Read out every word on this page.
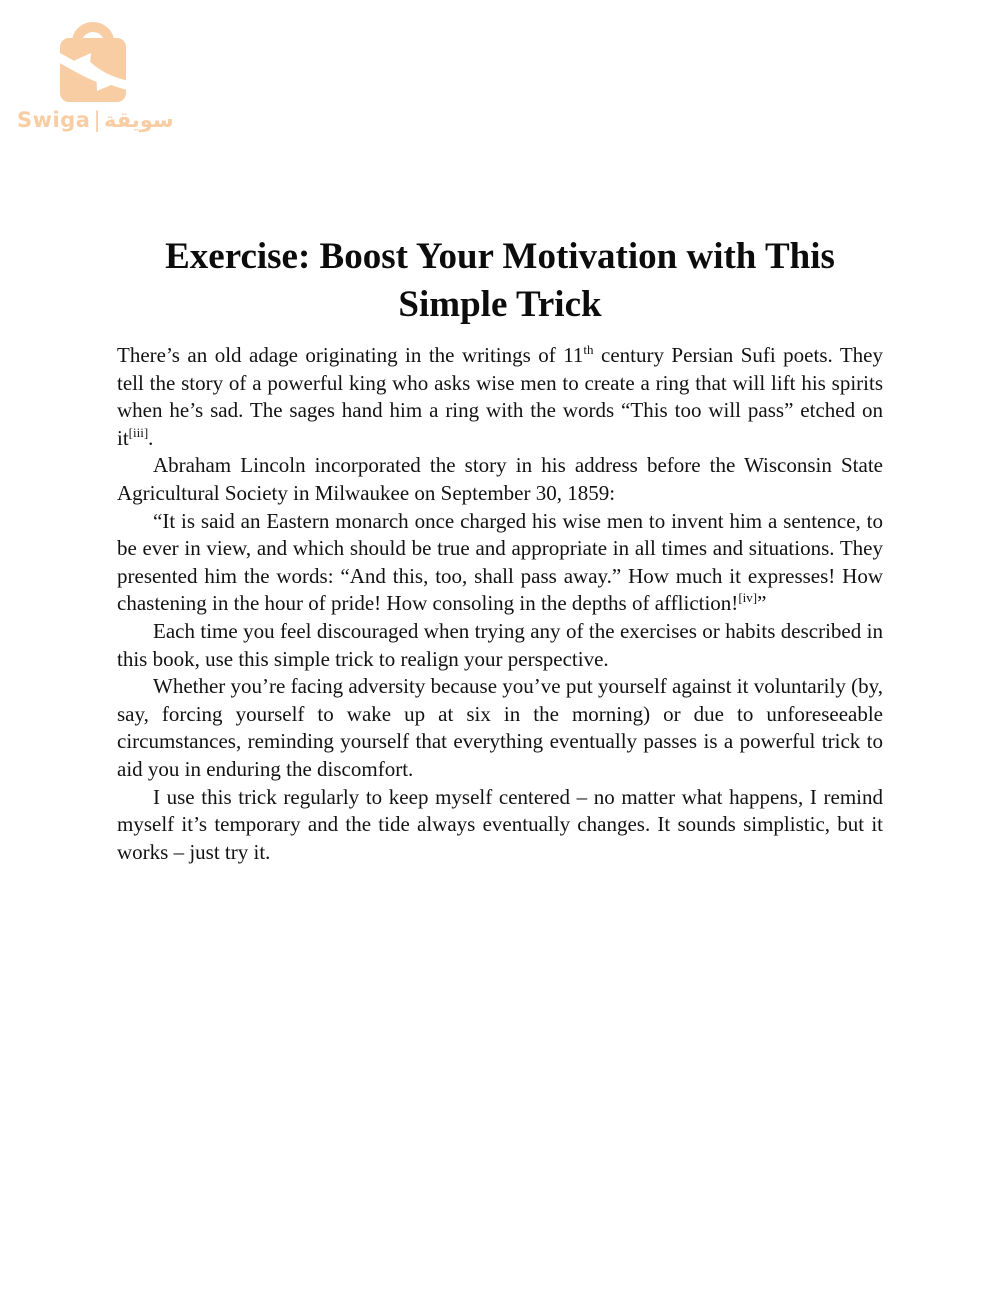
Swiga | سويقة
Exercise: Boost Your Motivation with This
Simple Trick

There’s an old adage originating in the writings of 11th century Persian Sufi poets. They tell the story of a powerful king who asks wise men to create a ring that will lift his spirits when he’s sad. The sages hand him a ring with the words “This too will pass” etched on it[iii].

Abraham Lincoln incorporated the story in his address before the Wisconsin State Agricultural Society in Milwaukee on September 30, 1859:

“It is said an Eastern monarch once charged his wise men to invent him a sentence, to be ever in view, and which should be true and appropriate in all times and situations. They presented him the words: “And this, too, shall pass away.” How much it expresses! How chastening in the hour of pride! How consoling in the depths of affliction![iv]”

Each time you feel discouraged when trying any of the exercises or habits described in this book, use this simple trick to realign your perspective.

Whether you’re facing adversity because you’ve put yourself against it voluntarily (by, say, forcing yourself to wake up at six in the morning) or due to unforeseeable circumstances, reminding yourself that everything eventually passes is a powerful trick to aid you in enduring the discomfort.

I use this trick regularly to keep myself centered – no matter what happens, I remind myself it’s temporary and the tide always eventually changes. It sounds simplistic, but it works – just try it.
